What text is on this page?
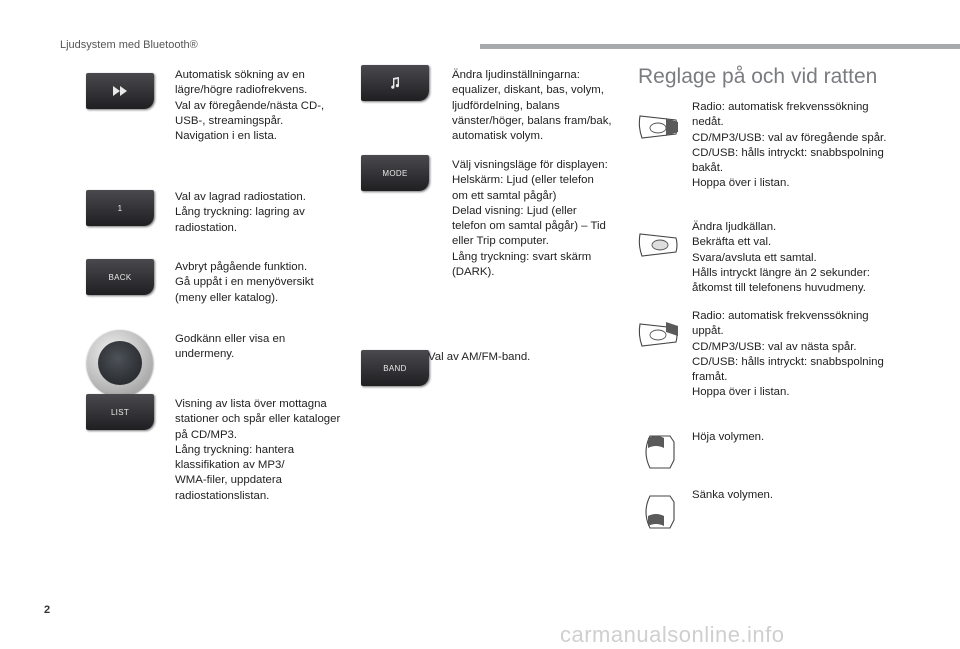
Ljudsystem med Bluetooth®
Automatisk sökning av en lägre/högre radiofrekvens.
Val av föregående/nästa CD-, USB-, streamingspår.
Navigation i en lista.
1
Val av lagrad radiostation.
Lång tryckning: lagring av radiostation.
BACK
Avbryt pågående funktion.
Gå uppåt i en menyöversikt (meny eller katalog).
Godkänn eller visa en undermeny.
LIST
Visning av lista över mottagna stationer och spår eller kataloger på CD/MP3.
Lång tryckning: hantera klassifikation av MP3/
WMA-filer, uppdatera radiostationslistan.
Ändra ljudinställningarna: equalizer, diskant, bas, volym, ljudfördelning, balans vänster/höger, balans fram/bak, automatisk volym.
MODE
Välj visningsläge för displayen:
Helskärm: Ljud (eller telefon om ett samtal pågår)
Delad visning: Ljud (eller telefon om samtal pågår) – Tid eller Trip computer.
Lång tryckning: svart skärm (DARK).
BAND
Val av AM/FM-band.
Reglage på och vid ratten
Radio: automatisk frekvenssökning nedåt.
CD/MP3/USB: val av föregående spår.
CD/USB: hålls intryckt: snabbspolning bakåt.
Hoppa över i listan.
Ändra ljudkällan.
Bekräfta ett val.
Svara/avsluta ett samtal.
Hålls intryckt längre än 2 sekunder: åtkomst till telefonens huvudmeny.
Radio: automatisk frekvenssökning uppåt.
CD/MP3/USB: val av nästa spår.
CD/USB: hålls intryckt: snabbspolning framåt.
Hoppa över i listan.
Höja volymen.
Sänka volymen.
2
carmanualsonline.info
